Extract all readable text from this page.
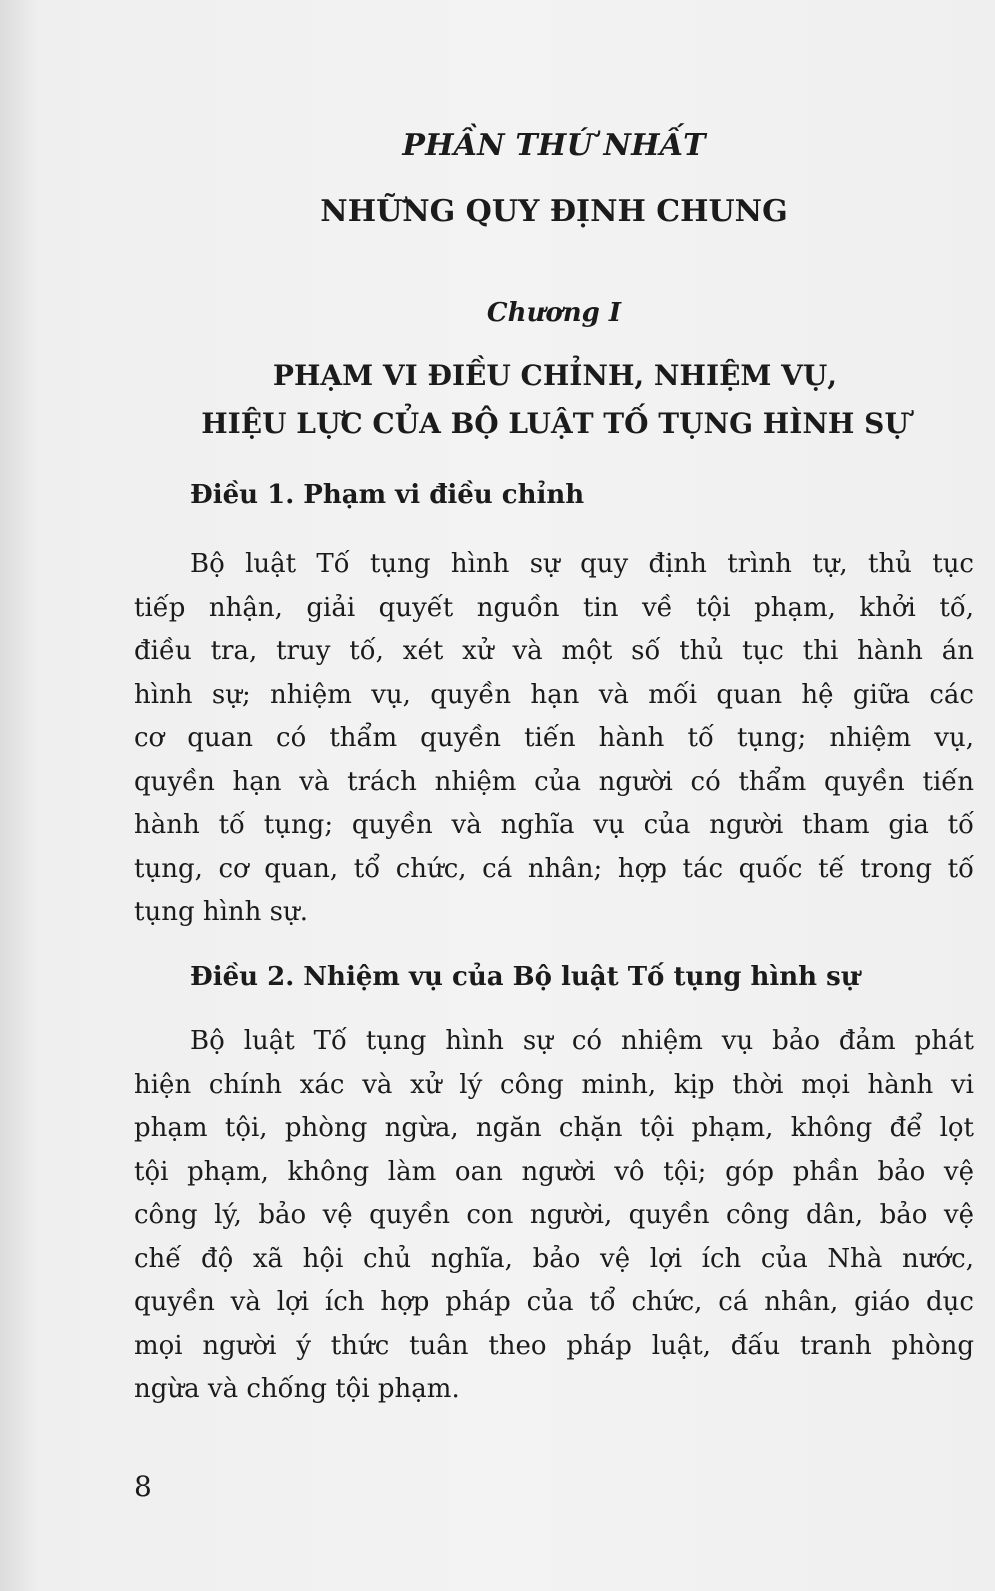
PHẦN THỨ NHẤT
NHỮNG QUY ĐỊNH CHUNG
Chương I
PHẠM VI ĐIỀU CHỈNH, NHIỆM VỤ,
HIỆU LỰC CỦA BỘ LUẬT TỐ TỤNG HÌNH SỰ
Điều 1. Phạm vi điều chỉnh
Bộ luật Tố tụng hình sự quy định trình tự, thủ tục
tiếp nhận, giải quyết nguồn tin về tội phạm, khởi tố,
điều tra, truy tố, xét xử và một số thủ tục thi hành án
hình sự; nhiệm vụ, quyền hạn và mối quan hệ giữa các
cơ quan có thẩm quyền tiến hành tố tụng; nhiệm vụ,
quyền hạn và trách nhiệm của người có thẩm quyền tiến
hành tố tụng; quyền và nghĩa vụ của người tham gia tố
tụng, cơ quan, tổ chức, cá nhân; hợp tác quốc tế trong tố
tụng hình sự.
Điều 2. Nhiệm vụ của Bộ luật Tố tụng hình sự
Bộ luật Tố tụng hình sự có nhiệm vụ bảo đảm phát
hiện chính xác và xử lý công minh, kịp thời mọi hành vi
phạm tội, phòng ngừa, ngăn chặn tội phạm, không để lọt
tội phạm, không làm oan người vô tội; góp phần bảo vệ
công lý, bảo vệ quyền con người, quyền công dân, bảo vệ
chế độ xã hội chủ nghĩa, bảo vệ lợi ích của Nhà nước,
quyền và lợi ích hợp pháp của tổ chức, cá nhân, giáo dục
mọi người ý thức tuân theo pháp luật, đấu tranh phòng
ngừa và chống tội phạm.
8
